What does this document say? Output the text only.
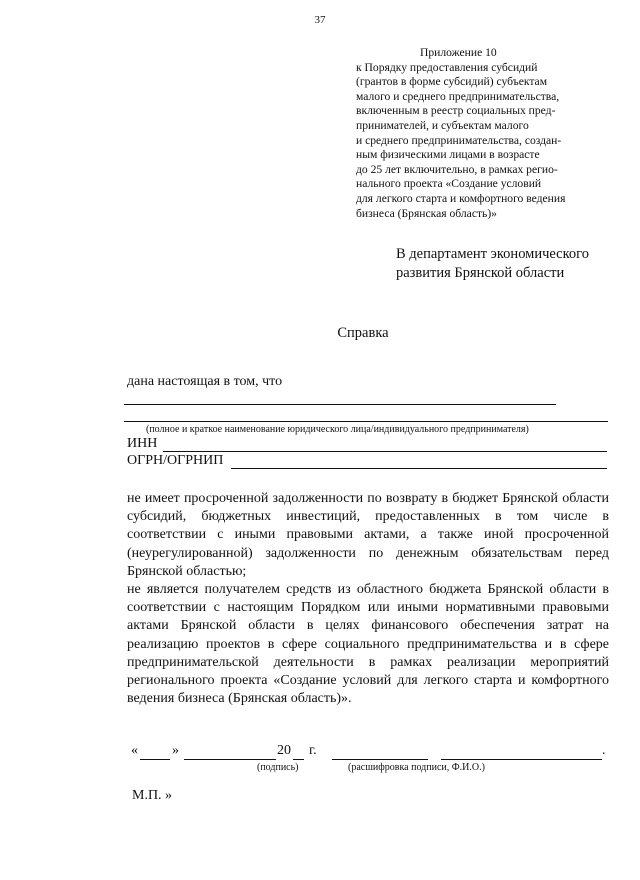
37
Приложение 10
к Порядку предоставления субсидий
(грантов в форме субсидий) субъектам
малого и среднего предпринимательства,
включенным в реестр социальных пред-
принимателей, и субъектам малого
и среднего предпринимательства, создан-
ным физическими лицами в возрасте
до 25 лет включительно, в рамках регио-
нального проекта «Создание условий
для легкого старта и комфортного ведения
бизнеса (Брянская область)»
В департамент экономического
развития Брянской области
Справка
дана настоящая в том, что
(полное и краткое наименование юридического лица/индивидуального предпринимателя)
ИНН
ОГРН/ОГРНИП

не имеет просроченной задолженности по возврату в бюджет Брянской области субсидий, бюджетных инвестиций, предоставленных в том числе в соответствии с иными правовыми актами, а также иной просроченной (неурегулированной) задолженности по денежным обязательствам перед Брянской областью;

не является получателем средств из областного бюджета Брянской области в соответствии с настоящим Порядком или иными нормативными правовыми актами Брянской области в целях финансового обеспечения затрат на реализацию проектов в сфере социального предпринимательства и в сфере предпринимательской деятельности в рамках реализации мероприятий регионального проекта «Создание условий для легкого старта и комфортного ведения бизнеса (Брянская область)».

« »	20 г.	.
(подпись)	(расшифровка подписи, Ф.И.О.)
М.П. »
